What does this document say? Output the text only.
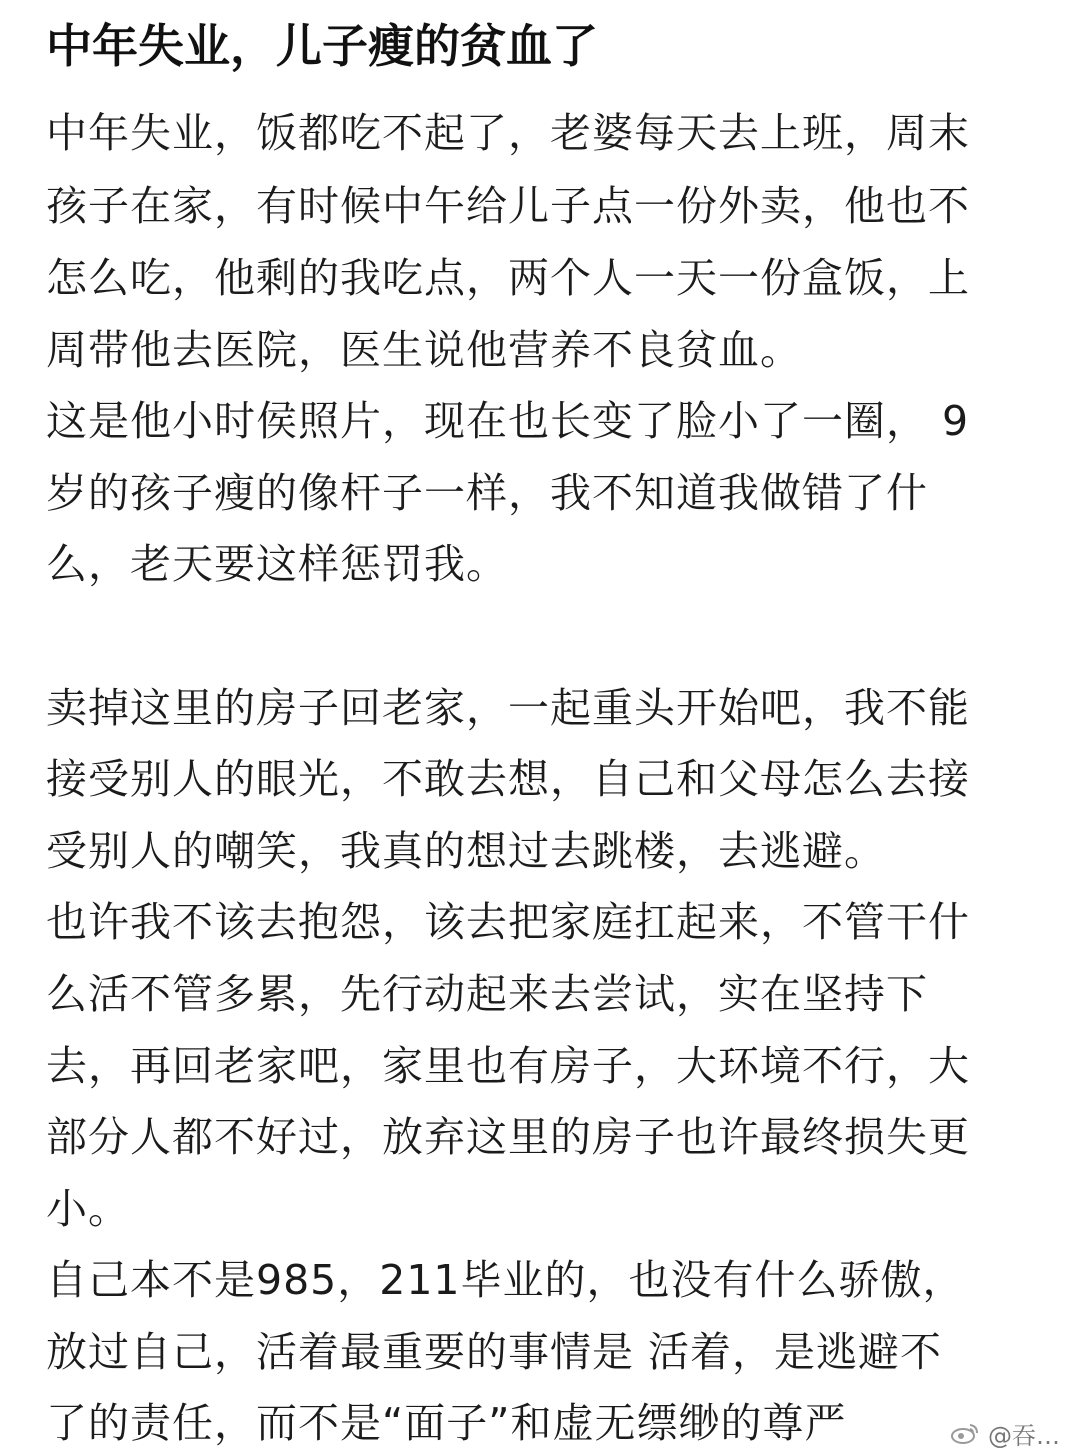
中年失业，儿子瘦的贫血了
中年失业，饭都吃不起了，老婆每天去上班，周末
孩子在家，有时候中午给儿子点一份外卖，他也不
怎么吃，他剩的我吃点，两个人一天一份盒饭，上
周带他去医院，医生说他营养不良贫血。
这是他小时侯照片，现在也长变了脸小了一圈， 9
岁的孩子瘦的像杆子一样，我不知道我做错了什
么，老天要这样惩罚我。
卖掉这里的房子回老家，一起重头开始吧，我不能
接受别人的眼光，不敢去想，自己和父母怎么去接
受别人的嘲笑，我真的想过去跳楼，去逃避。
也许我不该去抱怨，该去把家庭扛起来，不管干什
么活不管多累，先行动起来去尝试，实在坚持下
去，再回老家吧，家里也有房子，大环境不行，大
部分人都不好过，放弃这里的房子也许最终损失更
小。
自己本不是985，211毕业的，也没有什么骄傲，
放过自己，活着最重要的事情是 活着，是逃避不
了的责任，而不是“面子”和虚无缥缈的尊严	@吞…
